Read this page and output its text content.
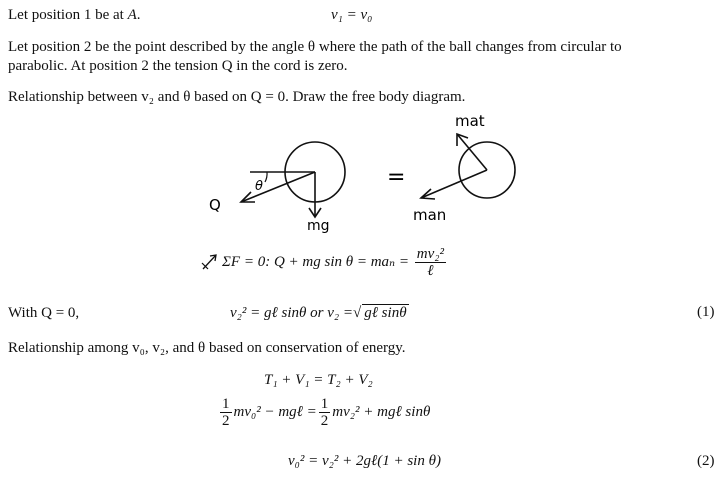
Let position 1 be at A.	v₁ = v₀
Let position 2 be the point described by the angle θ where the path of the ball changes from circular to
parabolic. At position 2 the tension Q in the cord is zero.
Relationship between v₂ and θ based on Q = 0. Draw the free body diagram.
θ
Q
mg
=
mat
man
ΣF = 0: Q + mg $\sin \theta = ma_n = \frac{\text{mv₂²}}{\text{ℓ}}$
With Q = 0,	v₂² = gℓ sinθ or v₂ =√ gℓ sinθ	(1)
Relationship among v₀, v₂, and θ based on conservation of energy.
T₁ + V₁ = T₂ + V₂
$\frac{1}{2} mv_0^2$ − mgℓ = $\frac{1}{2} mv_2^2$ + mgℓ sinθ
v₀² = v₂² + 2gℓ(1 + sin θ)	(2)
